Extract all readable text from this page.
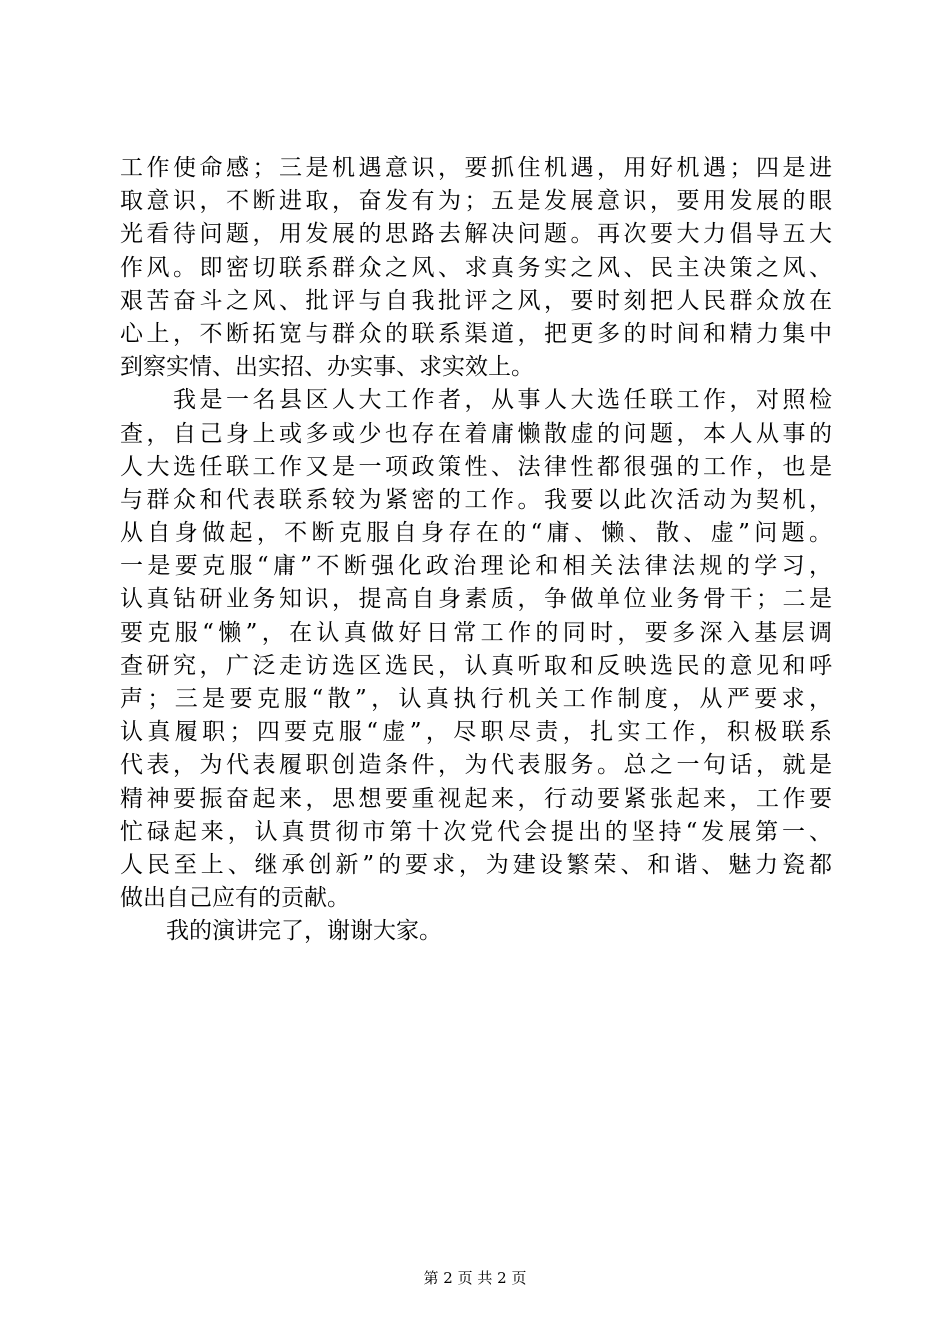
工作使命感；三是机遇意识，要抓住机遇，用好机遇；四是进
取意识，不断进取，奋发有为；五是发展意识，要用发展的眼
光看待问题，用发展的思路去解决问题。再次要大力倡导五大
作风。即密切联系群众之风、求真务实之风、民主决策之风、
艰苦奋斗之风、批评与自我批评之风，要时刻把人民群众放在
心上，不断拓宽与群众的联系渠道，把更多的时间和精力集中
到察实情、出实招、办实事、求实效上。
　　我是一名县区人大工作者，从事人大选任联工作，对照检
查，自己身上或多或少也存在着庸懒散虚的问题，本人从事的
人大选任联工作又是一项政策性、法律性都很强的工作，也是
与群众和代表联系较为紧密的工作。我要以此次活动为契机，
从自身做起，不断克服自身存在的“庸、懒、散、虚”问题。
一是要克服“庸”不断强化政治理论和相关法律法规的学习，
认真钻研业务知识，提高自身素质，争做单位业务骨干；二是
要克服“懒”，在认真做好日常工作的同时，要多深入基层调
查研究，广泛走访选区选民，认真听取和反映选民的意见和呼
声；三是要克服“散”，认真执行机关工作制度，从严要求，
认真履职；四要克服“虚”，尽职尽责，扎实工作，积极联系
代表，为代表履职创造条件，为代表服务。总之一句话，就是
精神要振奋起来，思想要重视起来，行动要紧张起来，工作要
忙碌起来，认真贯彻市第十次党代会提出的坚持“发展第一、
人民至上、继承创新”的要求，为建设繁荣、和谐、魅力瓷都
做出自己应有的贡献。
　　我的演讲完了，谢谢大家。
第 2 页 共 2 页
